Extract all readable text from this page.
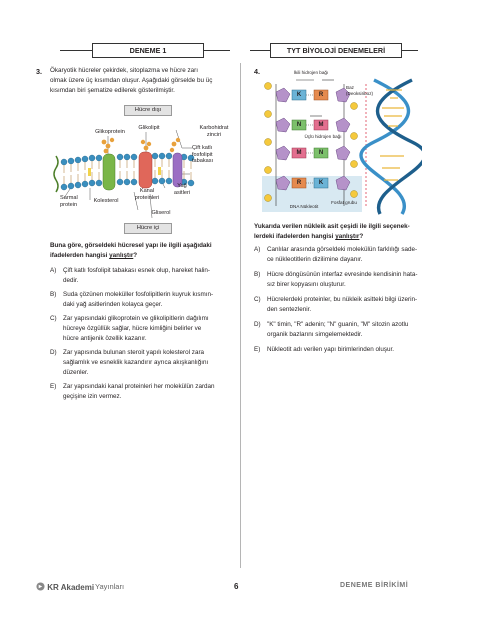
DENEME 1	TYT BİYOLOJİ DENEMELERİ
3. Ökaryotik hücreler çekirdek, sitoplazma ve hücre zarı
olmak üzere üç kısımdan oluşur. Aşağıdaki görselde bu üç
kısımdan biri şematize edilerek gösterilmiştir.
Hücre dışı
Glikoprotein
Glikolipit	Karbohidrat
zinciri
Çift katlı
fosfolipit
tabakası
Sarmal
protein
Kolesterol
Kanal
proteinleri
Yağ
asitleri
Gliserol
Hücre içi
Buna göre, görseldeki hücresel yapı ile ilgili aşağıdaki
ifadelerden hangisi yanlıştır?
A) Çift katlı fosfolipit tabakası esnek olup, hareket halin-
dedir.
B) Suda çözünen moleküller fosfolipitlerin kuyruk kısmın-
daki yağ asitlerinden kolayca geçer.
C) Zar yapısındaki glikoprotein ve glikolipitlerin dağılımı
hücreye özgüllük sağlar, hücre kimliğini belirler ve
hücre antijenik özellik kazanır.
D) Zar yapısında bulunan steroit yapılı kolesterol zara
sağlamlık ve esneklik kazandırır ayrıca akışkanlığını
düzenler.
E) Zar yapısındaki kanal proteinleri her molekülün zardan
geçişine izin vermez.
4.
K	R
N	M
M	N
R	K
İkili hidrojen bağı
Baz
(Deoksiriboz)
Üçlü hidrojen bağı
DNA Nükleotit
Fosfat grubu
Yukarıda verilen nükleik asit çeşidi ile ilgili seçenek-
lerdeki ifadelerden hangisi yanlıştır?
A) Canlılar arasında görseldeki molekülün farklılığı sade-
ce nükleotitlerin dizilimine dayanır.
B) Hücre döngüsünün interfaz evresinde kendisinin hata-
sız birer kopyasını oluşturur.
C) Hücrelerdeki proteinler, bu nükleik asitteki bilgi üzerin-
den sentezlenir.
D) "K" timin, "R" adenin; "N" guanin, "M" sitozin azotlu
organik bazlarını simgelemektedir.
E) Nükleotit adı verilen yapı birimlerinden oluşur.
KR Akademi Yayınları	6	DENEME BİRİKİMİ
